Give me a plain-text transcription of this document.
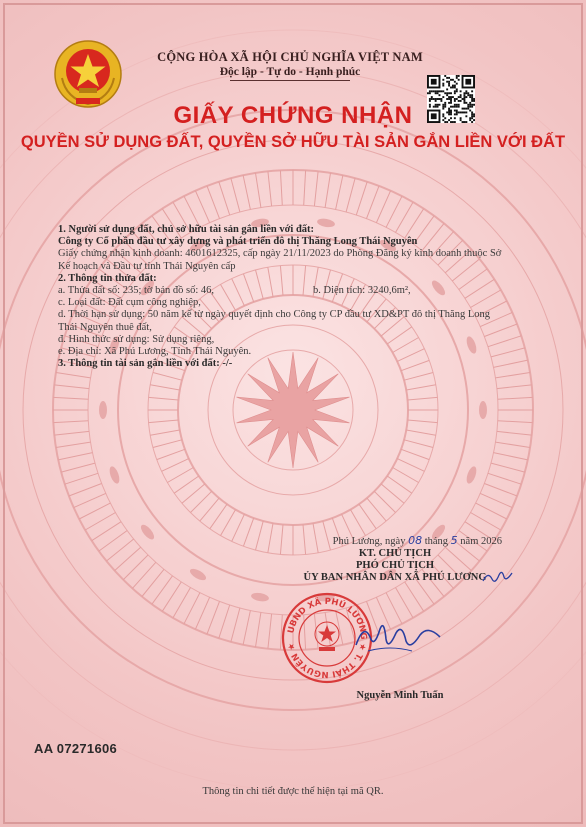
CỘNG HÒA XÃ HỘI CHỦ NGHĨA VIỆT NAM
Độc lập - Tự do - Hạnh phúc
GIẤY CHỨNG NHẬN
QUYỀN SỬ DỤNG ĐẤT, QUYỀN SỞ HỮU TÀI SẢN GẮN LIỀN VỚI ĐẤT
1. Người sử dụng đất, chủ sở hữu tài sản gắn liền với đất:
Công ty Cổ phần đầu tư xây dựng và phát triển đô thị Thăng Long Thái Nguyên
Giấy chứng nhận kinh doanh: 4601612325, cấp ngày 21/11/2023 do Phòng Đăng ký kinh doanh thuộc Sở
Kế hoạch và Đầu tư tỉnh Thái Nguyên cấp
2. Thông tin thửa đất:
a. Thửa đất số: 235; tờ bản đồ số: 46,	b. Diện tích: 3240,6m²,
c. Loại đất: Đất cụm công nghiệp,
d. Thời hạn sử dụng: 50 năm kể từ ngày quyết định cho Công ty CP đầu tư XD&PT đô thị Thăng Long
Thái Nguyên thuê đất,
đ. Hình thức sử dụng: Sử dụng riêng,
e. Địa chỉ: Xã Phú Lương, Tỉnh Thái Nguyên.
3. Thông tin tài sản gắn liền với đất: -/-
Phú Lương, ngày 08 tháng 5 năm 2026
KT. CHỦ TỊCH
PHÓ CHỦ TỊCH
ỦY BAN NHÂN DÂN XÃ PHÚ LƯƠNG
UBND XÃ PHÚ LƯƠNG ★ T. THÁI NGUYÊN ★
Nguyễn Minh Tuấn
AA 07271606
Thông tin chi tiết được thể hiện tại mã QR.
